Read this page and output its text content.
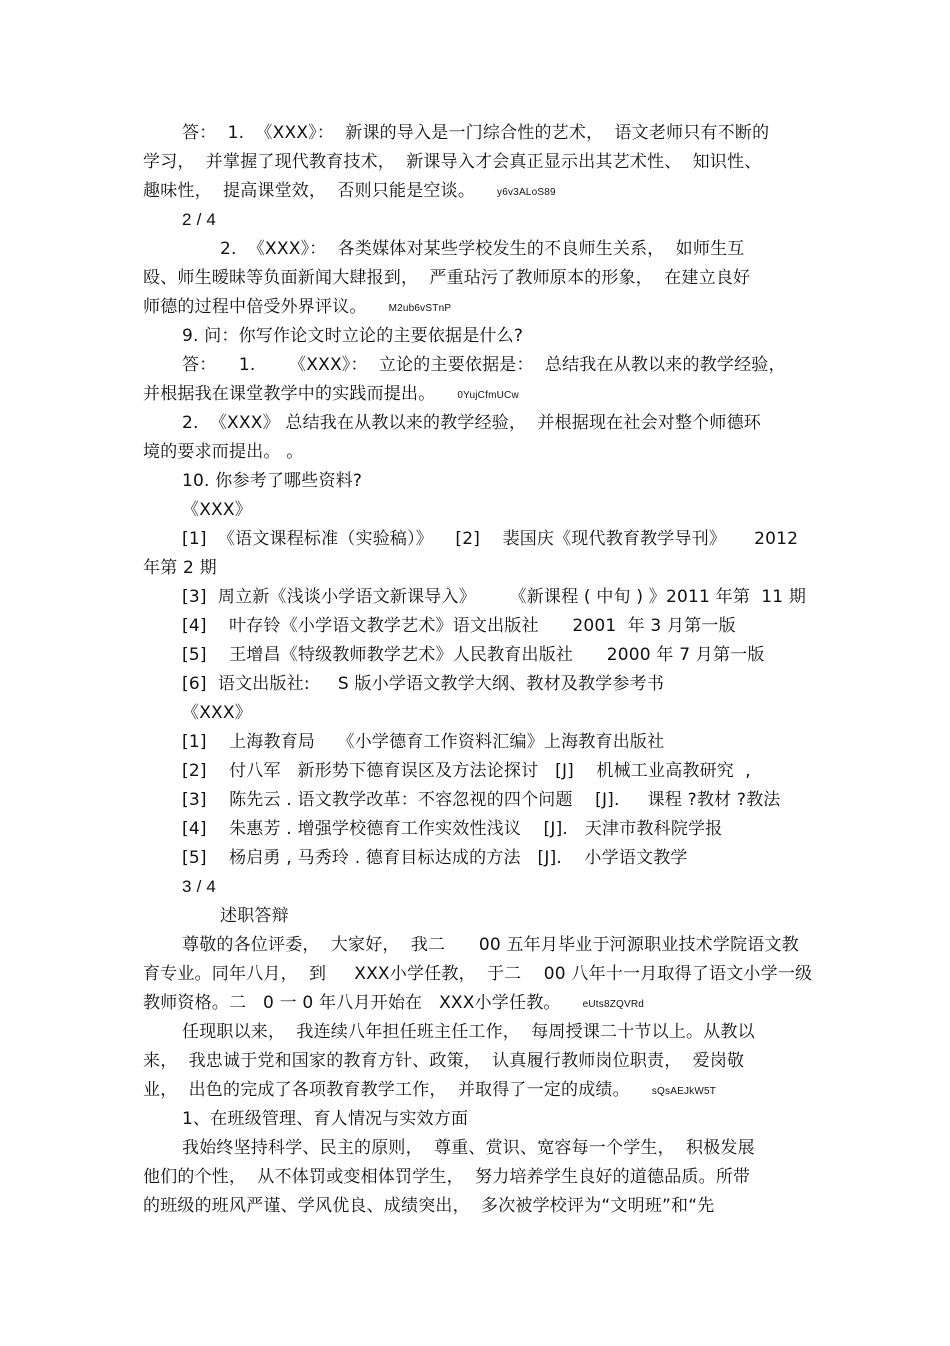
答：  1.  《XXX》：  新课的导入是一门综合性的艺术，  语文老师只有不断的
学习，  并掌握了现代教育技术，  新课导入才会真正显示出其艺术性、  知识性、
趣味性，  提高课堂效，  否则只能是空谈。 y6v3ALoS89
2 / 4
2.  《XXX》：  各类媒体对某些学校发生的不良师生关系，  如师生互
殴、师生暧昧等负面新闻大肆报到，  严重玷污了教师原本的形象，  在建立良好
师德的过程中倍受外界评议。 M2ub6vSTnP
9. 问：你写作论文时立论的主要依据是什么?
答：    1.      《XXX》：  立论的主要依据是：  总结我在从教以来的教学经验，
并根据我在课堂教学中的实践而提出。 0YujCfmUCw
2.  《XXX》 总结我在从教以来的教学经验，  并根据现在社会对整个师德环
境的要求而提出。 。
10. 你参考了哪些资料?
《XXX》
[1]  《语文课程标准（实验稿）》    [2]    裴国庆《现代教育教学导刊》     2012
年第 2 期
[3]  周立新《浅谈小学语文新课导入》      《新课程 ( 中旬 ) 》2011 年第  11 期
[4]    叶存铃《小学语文教学艺术》语文出版社      2001  年 3 月第一版
[5]    王增昌《特级教师教学艺术》人民教育出版社      2000 年 7 月第一版
[6]  语文出版社:     S 版小学语文教学大纲、教材及教学参考书
《XXX》
[1]    上海教育局    《小学德育工作资料汇编》上海教育出版社
[2]    付八军   新形势下德育误区及方法论探讨   [J]    机械工业高教研究  ,
[3]    陈先云 . 语文教学改革：不容忽视的四个问题    [J].     课程 ?教材 ?教法
[4]    朱惠芳 . 增强学校德育工作实效性浅议    [J].   天津市教科院学报
[5]    杨启勇 , 马秀玲 . 德育目标达成的方法   [J].    小学语文教学
3 / 4
述职答辩
尊敬的各位评委，  大家好，  我二      00 五年月毕业于河源职业技术学院语文教
育专业。同年八月，  到     XXX小学任教，  于二    00 八年十一月取得了语文小学一级
教师资格。二   0 一 0 年八月开始在   XXX小学任教。 eUts8ZQVRd
任现职以来，  我连续八年担任班主任工作，  每周授课二十节以上。从教以
来，  我忠诚于党和国家的教育方针、政策，  认真履行教师岗位职责，  爱岗敬
业，  出色的完成了各项教育教学工作，  并取得了一定的成绩。 sQsAEJkW5T
1、在班级管理、育人情况与实效方面
我始终坚持科学、民主的原则，  尊重、赏识、宽容每一个学生，  积极发展
他们的个性，  从不体罚或变相体罚学生，  努力培养学生良好的道德品质。所带
的班级的班风严谨、学风优良、成绩突出，  多次被学校评为“文明班”和“先
